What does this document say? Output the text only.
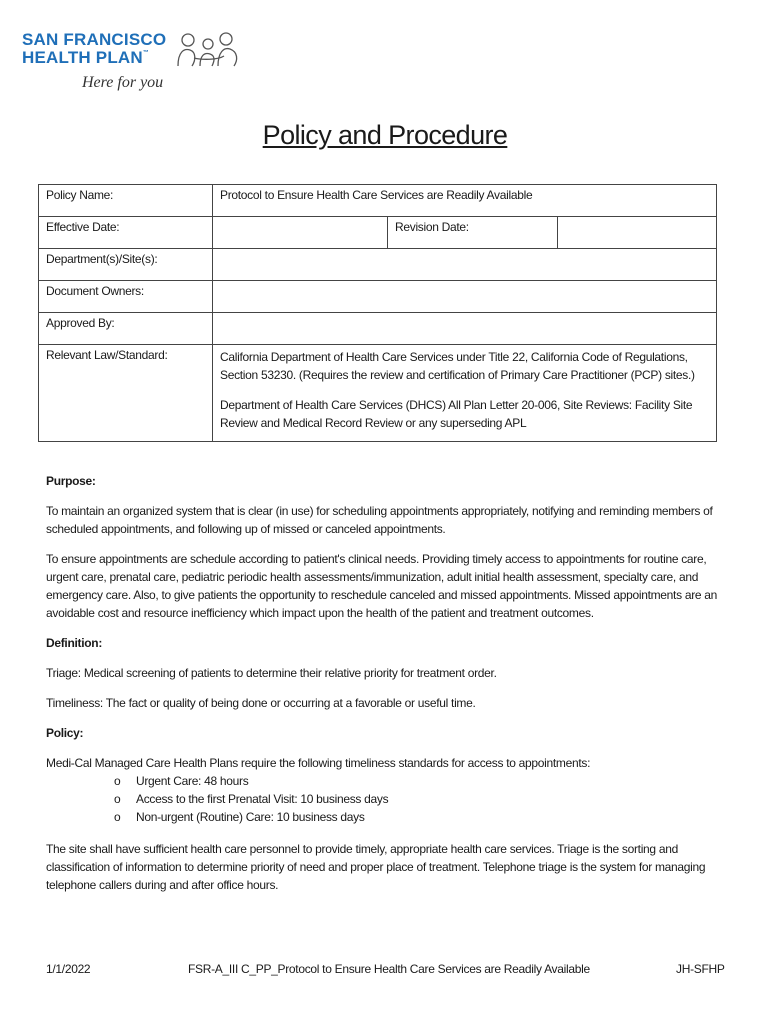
SAN FRANCISCO
HEALTH PLAN™
Here for you
Policy and Procedure
Policy Name:	Protocol to Ensure Health Care Services are Readily Available		
Effective Date:		Revision Date:	
Department(s)/Site(s):			
Document Owners:			
Approved By:			
Relevant Law/Standard:	California Department of Health Care Services under Title 22, California Code of Regulations, Section 53230. (Requires the review and certification of Primary Care Practitioner (PCP) sites.)

Department of Health Care Services (DHCS) All Plan Letter 20-006, Site Reviews: Facility Site Review and Medical Record Review or any superseding APL		

Purpose:

To maintain an organized system that is clear (in use) for scheduling appointments appropriately, notifying and reminding members of scheduled appointments, and following up of missed or canceled appointments.

To ensure appointments are schedule according to patient's clinical needs. Providing timely access to appointments for routine care, urgent care, prenatal care, pediatric periodic health assessments/immunization, adult initial health assessment, specialty care, and emergency care. Also, to give patients the opportunity to reschedule canceled and missed appointments. Missed appointments are an avoidable cost and resource inefficiency which impact upon the health of the patient and treatment outcomes.

Definition:

Triage: Medical screening of patients to determine their relative priority for treatment order.

Timeliness: The fact or quality of being done or occurring at a favorable or useful time.

Policy:

Medi-Cal Managed Care Health Plans require the following timeliness standards for access to appointments:

o Urgent Care: 48 hours
o Access to the first Prenatal Visit: 10 business days
o Non-urgent (Routine) Care: 10 business days

The site shall have sufficient health care personnel to provide timely, appropriate health care services. Triage is the sorting and classification of information to determine priority of need and proper place of treatment. Telephone triage is the system for managing telephone callers during and after office hours.

1/1/2022	FSR-A_III C_PP_Protocol to Ensure Health Care Services are Readily Available	JH-SFHP
